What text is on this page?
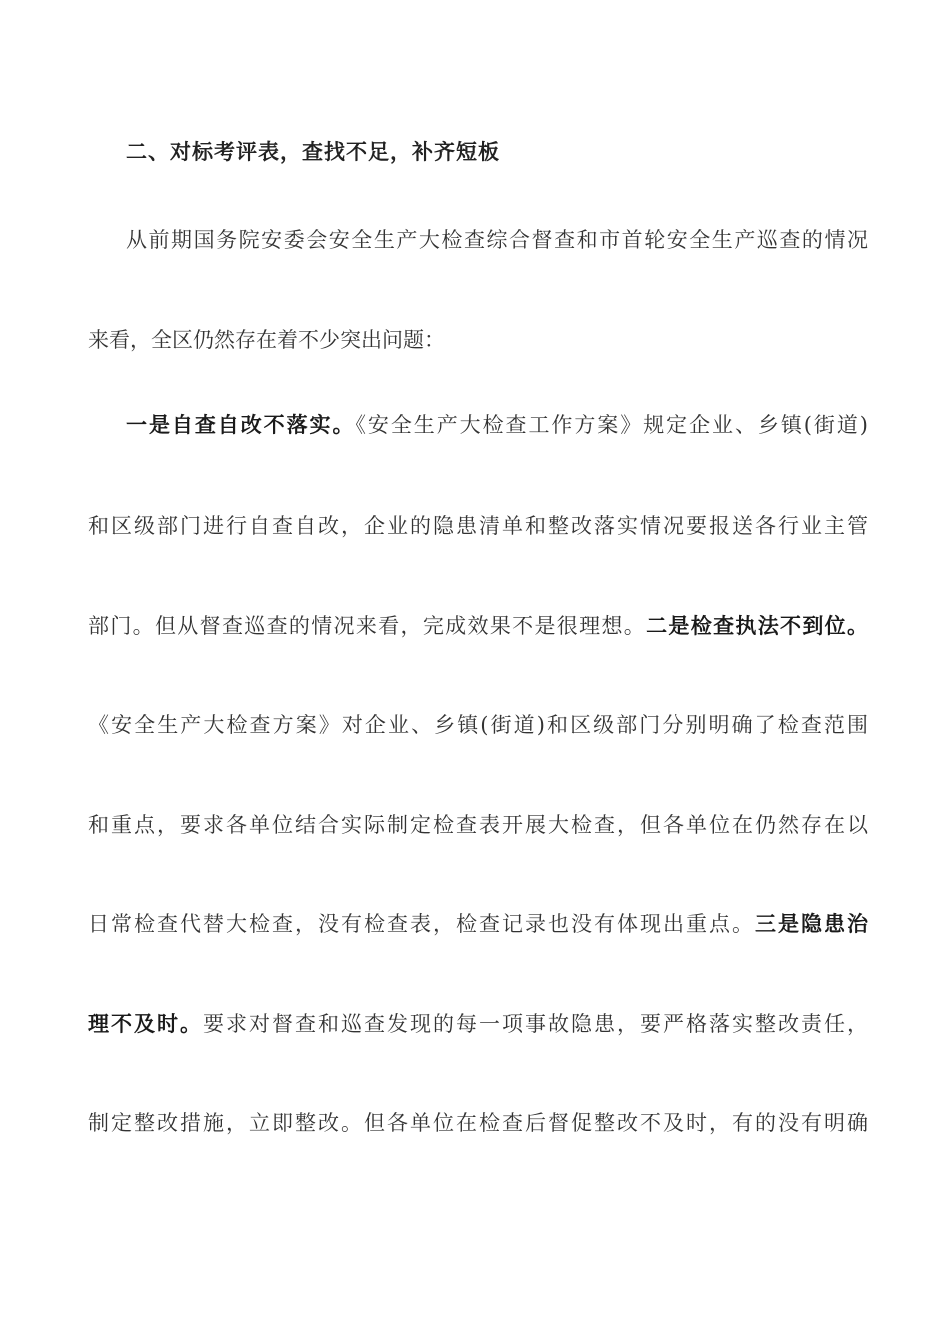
二、对标考评表，查找不足，补齐短板
从前期国务院安委会安全生产大检查综合督查和市首轮安全生产巡查的情况
来看，全区仍然存在着不少突出问题：
一是自查自改不落实。《安全生产大检查工作方案》规定企业、乡镇(街道)
和区级部门进行自查自改，企业的隐患清单和整改落实情况要报送各行业主管
部门。但从督查巡查的情况来看，完成效果不是很理想。二是检查执法不到位。
《安全生产大检查方案》对企业、乡镇(街道)和区级部门分别明确了检查范围
和重点，要求各单位结合实际制定检查表开展大检查，但各单位在仍然存在以
日常检查代替大检查，没有检查表，检查记录也没有体现出重点。三是隐患治
理不及时。要求对督查和巡查发现的每一项事故隐患，要严格落实整改责任，
制定整改措施，立即整改。但各单位在检查后督促整改不及时，有的没有明确
